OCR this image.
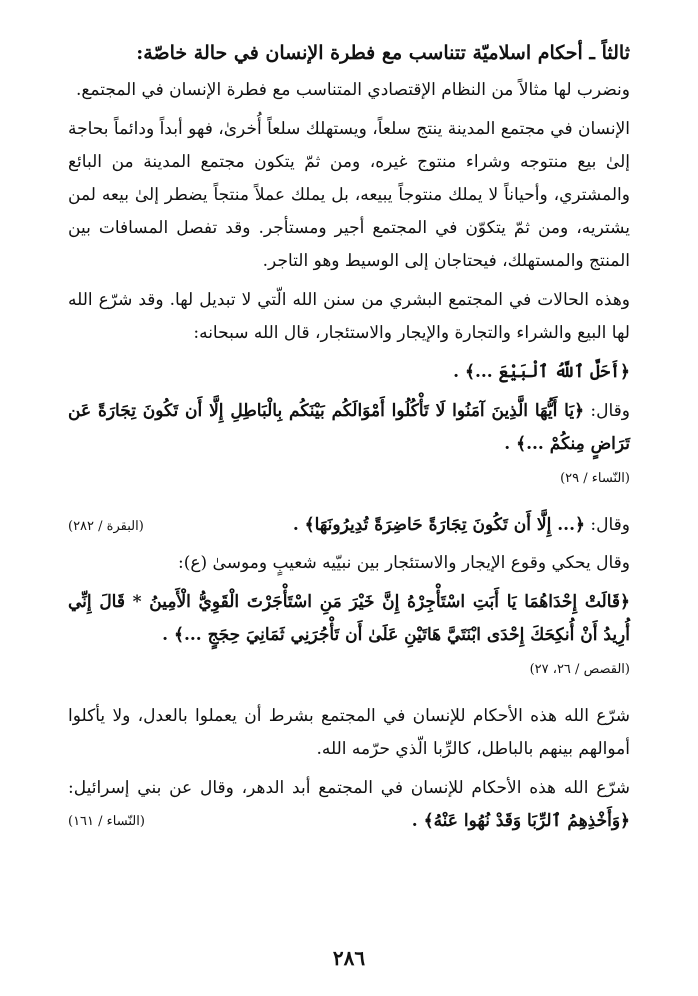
ثالثاً ـ أحكام اسلاميّة تتناسب مع فطرة الإنسان في حالة خاصّة:

ونضرب لها مثالاً من النظام الإقتصادي المتناسب مع فطرة الإنسان في المجتمع.

الإنسان في مجتمع المدينة ينتج سلعاً، ويستهلك سلعاً أُخرىٰ، فهو أبداً ودائماً بحاجة إلىٰ بيع منتوجه وشراء منتوج غيره، ومن ثمّ يتكون مجتمع المدينة من البائع والمشتري، وأحياناً لا يملك منتوجاً يبيعه، بل يملك عملاً منتجاً يضطر إلىٰ بيعه لمن يشتريه، ومن ثمّ يتكوّن في المجتمع أجير ومستأجر. وقد تفصل المسافات بين المنتج والمستهلك، فيحتاجان إلى الوسيط وهو التاجر.

وهذه الحالات في المجتمع البشري من سنن الله الّتي لا تبديل لها. وقد شرّع الله لها البيع والشراء والتجارة والإيجار والاستئجار، قال الله سبحانه:

﴿أَحَلَّ ٱللَّهُ ٱلْبَيْعَ ...﴾ .

وقال: ﴿يَا أَيُّهَا الَّذِينَ آمَنُوا لَا تَأْكُلُوا أَمْوَالَكُم بَيْنَكُم بِالْبَاطِلِ إِلَّا أَن تَكُونَ تِجَارَةً عَن تَرَاضٍ مِنكُمْ ...﴾ .

(النّساء / ٢٩)
وقال: ﴿... إِلَّا أَن تَكُونَ تِجَارَةً حَاضِرَةً تُدِيرُونَهَا﴾ .
(البقرة / ٢٨٢)

وقال يحكي وقوع الإيجار والاستئجار بين نبيّيه شعيبٍ وموسىٰ (ع):

﴿قَالَتْ إِحْدَاهُمَا يَا أَبَتِ اسْتَأْجِرْهُ إِنَّ خَيْرَ مَنِ اسْتَأْجَرْتَ الْقَوِيُّ الْأَمِينُ * قَالَ إِنِّي أُرِيدُ أَنْ أُنكِحَكَ إِحْدَى ابْنَتَيَّ هَاتَيْنِ عَلَىٰ أَن تَأْجُرَنِي ثَمَانِيَ حِجَجٍ ...﴾ .

(القصص / ٢٦، ٢٧)

شرّع الله هذه الأحكام للإنسان في المجتمع بشرط أن يعملوا بالعدل، ولا يأكلوا أموالهم بينهم بالباطل، كالرِّبا الّذي حرّمه الله.

شرّع الله هذه الأحكام للإنسان في المجتمع أبد الدهر، وقال عن بني إسرائيل: ﴿وَأَخْذِهِمُ ٱلرِّبَا وَقَدْ نُهُوا عَنْهُ﴾ .
(النّساء / ١٦١)
٢٨٦
